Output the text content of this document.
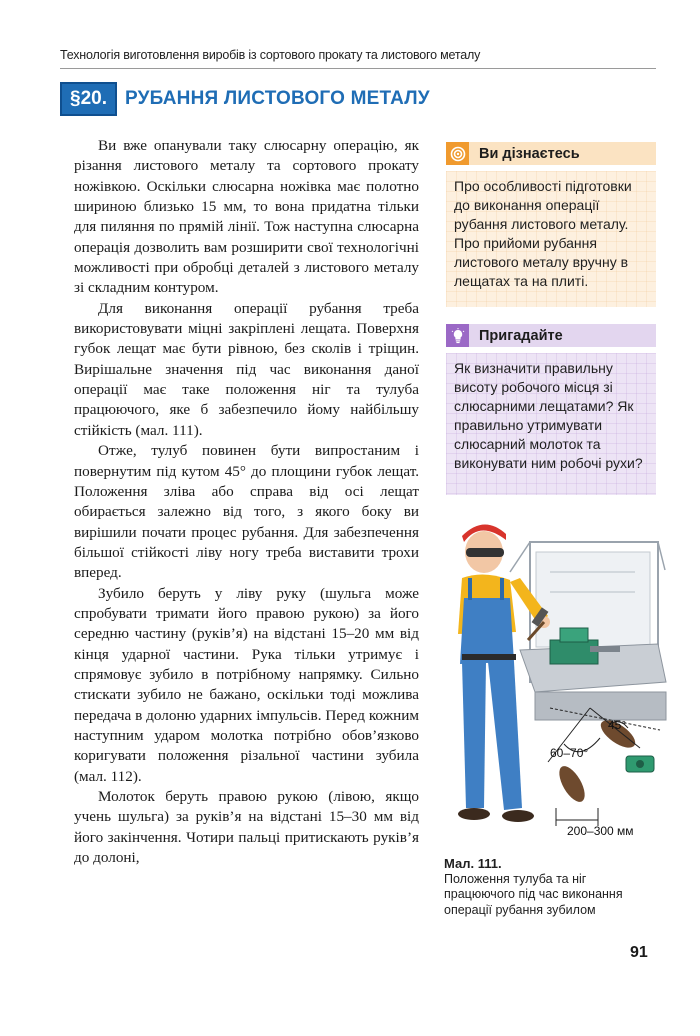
Технологія виготовлення виробів із сортового прокату та листового металу
§20. РУБАННЯ ЛИСТОВОГО МЕТАЛУ

Ви вже опанували таку слюсарну операцію, як різання листового металу та сортового прокату ножівкою. Оскільки слюсарна ножівка має полотно шириною близько 15 мм, то вона придатна тільки для пиляння по прямій лінії. Тож наступна слюсарна операція дозволить вам розширити свої технологічні можливості при обробці деталей з листового металу зі складним контуром.

Для виконання операції рубання треба використовувати міцні закріплені лещата. Поверхня губок лещат має бути рівною, без сколів і тріщин. Вирішальне значення під час виконання даної операції має таке положення ніг та тулуба працюючого, яке б забезпечило йому найбільшу стійкість (мал. 111).

Отже, тулуб повинен бути випростаним і повернутим під кутом 45° до площини губок лещат. Положення зліва або справа від осі лещат обирається залежно від того, з якого боку ви вирішили почати процес рубання. Для забезпечення більшої стійкості ліву ногу треба виставити трохи вперед.

Зубило беруть у ліву руку (шульга може спробувати тримати його правою рукою) за його середню частину (руків’я) на відстані 15–20 мм від кінця ударної частини. Рука тільки утримує і спрямовує зубило в потрібному напрямку. Сильно стискати зубило не бажано, оскільки тоді можлива передача в долоню ударних імпульсів. Перед кожним наступним ударом молотка потрібно обов’язково коригувати положення різальної частини зубила (мал. 112).

Молоток беруть правою рукою (лівою, якщо учень шульга) за руків’я на відстані 15–30 мм від його закінчення. Чотири пальці притискають руків’я до долоні,

Ви дізнаєтесь
Про особливості підготовки до виконання операції рубання листового металу. Про прийоми рубання листового металу вручну в лещатах та на плиті.
Пригадайте
Як визначити правильну висоту робочого місця зі слюсарними лещатами? Як правильно утримувати слюсарний молоток та виконувати ним робочі рухи?
45°
60–70°
200–300 мм
Мал. 111.
Положення тулуба та ніг працюючого під час виконання операції рубання зубилом
91
